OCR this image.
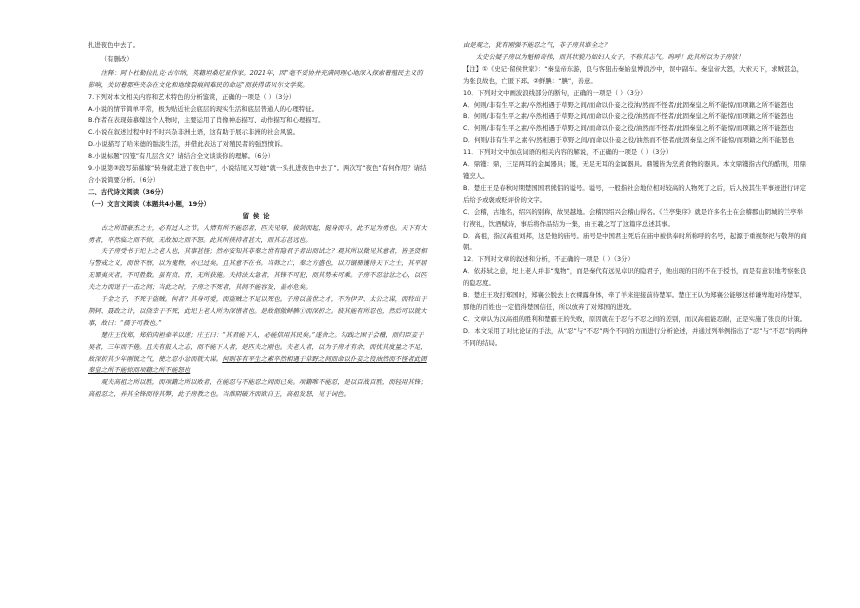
扎进夜色中去了。

（有删改）

注释：阿卜杜勒拉扎克·古尔纳，英籍坦桑尼亚作家。2021年，因“毫不妥协并充满同理心地深入探索着殖民主义的影响，关切着那些夹杂在文化和地缘裂痕间难民的命运”而获得诺贝尔文学奖。

7.下列对本文相关内容和艺术特色的分析鉴赏，正确的一项是（ ）（3分）

A.小说的情节简单平常，极为贴近社会底层的现实生活和底层普通人的心理特征。

B.作者在表现茹慕嫁这个人物时，主要运用了肖像神态描写、动作描写和心理描写。

C.小说在叙述过程中时不时兴杂非洲土语，这有助于展示非洲的社会风貌。

D.小说描写了哈米德的骷淡生活，并借此表达了对殖民者的强烈愤诉。

8.小说标题“囚笼”有几层含义？请结合全文谈谈你的理解。（6分）

9.小说第③段写茹慕嫁“转身就走进了夜色中”，小说结尾又写她“就一头扎进夜色中去了”。两次写“夜色”有何作用？请结合小说简要分析。（6分）

二、古代诗文阅读（36分）

（一）文言文阅读（本题共4小题，19分）

留侯论

古之所谓豪杰之士，必有过人之节。人情有所不能忍者，匹夫见辱，拔剑而起，挺身而斗，此不足为勇也。天下有大勇者，卒然临之而不惊，无故加之而不怒。此其所挟持者甚大，而其志甚远也。

夫子房受书于圯上之老人也，其事甚怪；然亦安知其非秦之世有隐君子者出而试之？观其所以微见其意者，皆圣贤相与警戒之义，而世不察，以为鬼物，亦已过矣。且其意不在书。当韩之亡，秦之方盛也，以刀锯鼎镬待天下之士，其平居无罪夷灭者，不可胜数。虽有贲、育，无所获施。夫持法太急者，其锋不可犯，而其势未可乘。子房不忍忿忿之心，以匹夫之力而逞于一击之间；当此之时，子房之不死者，其间不能容发，盖亦危矣。

千金之子，不死于盗贼。何者？其身可爱，而盗贼之不足以死也。子房以盖世之才，不为伊尹、太公之谋，而特出于荆轲、聂政之计，以侥幸于不死，此圯上老人所为深惜者也。是故倨傲鲜腆①而深折之。彼其能有所忍也，然后可以就大事，故曰：“孺子可教也。”

楚庄王伐郑，郑伯肉袒牵羊以逆；庄王曰：“其君能下人，必能信用其民矣。”遂舍之。勾践之困于会稽，而归臣妾于吴者，三年而不倦。且夫有报人之志，而不能下人者，是匹夫之刚也。夫老人者，以为子房才有余，而忧其度量之不足，故深折其少年刚锐之气，使之忍小忿而就大谋。何则非有平生之素卒然相遇于草野之间而命以仆妾之役油然而不怪者此固秦皇之所不能惊而项籍之所不能怒也

观夫高祖之所以胜，而项籍之所以败者，在能忍与不能忍之间而已矣。项籍唯不能忍，是以百战百胜，而轻用其锋；高祖忍之，养其全锋而待其弊，此子房教之也。当淮阴破齐而欲自王，高祖发怒，见于词色。

由是观之，犹有刚强不能忍之气，非子房其谁全之？

太史公疑子房以为魁梧奇伟，而其状貌乃如妇人女子，不称其志气。呜呼！此其所以为子房欤！

【注】①《史记·留侯世家》：“秦皇帝东游，良与客狙击秦始皇博浪沙中，误中副车。秦皇帝大怒，大索天下，求贼甚急，为张良故也，亡匿下邳。②鲜腆：“腆”，善意。

10．下列对文中画波浪线部分的断句，正确的一项是（ ）（3分）

A．何则/非有生平之素/卒然相遇于草野之间/而命以仆妾之役油/然而不怪者/此固秦皇之所不能惊/而项籍之所不能怒也

B．何则/非有生平之素/卒然相遇于草野之间/而命以仆妾之役/油然而不怪者/此固秦皇之所不能惊/而项籍之所不能怒也

C．何则/非有生平之素/卒然相遇于草野之间/而命以仆妾之役/油然而不怪者/此固秦皇之所不能惊/而项籍之所不能怒也

D．何则/非有生平之素卒/然相遇于草野之间/而命以仆妾之役/油然而不怪者/此固秦皇之所不能惊/而项籍之所不能怒也

11．下列对文中加点词语的相关内容的解说，不正确的一项是（ ）（3分）

A．鼎镬：鼎，三足两耳的金属器具；镬，无足无耳的金属器具。鼎镬皆为烹煮食物的器具。本文鼎镬指古代的酷刑，用鼎镬烹人。

B．楚庄王是春秋时期楚国国君熊侣的谥号。谥号，一般指社会地位相对较高的人物死了之后，后人按其生平事迹进行评定后给予或褒或贬评价的文字。

C．会稽，古地名，绍兴的别称，故吴越地。会稽因绍兴会稽山得名。《兰亭集序》就是许多名士在会稽郡山阴城的兰亭举行褉礼，饮酒赋诗，事后将作品结为一集，由王羲之写了这篇序总述其事。

D．高祖，指汉高祖刘邦，这是他的庙号。庙号是中国君主死后在庙中被供奉时所称呼的名号，起源于重视祭祀与敬拜的商朝。

12．下列对文章的叙述和分析，不正确的一项是（ ）（3分）

A．依苏轼之意，圯上老人并非“鬼物”，而是秦代有远见卓识的隐君子，他出现的目的不在于授书，而是有意识地考察张良的隐忍度。

B．楚庄王攻打郑国时，郑襄公脱去上衣裸露身体，牵了羊来迎接前待楚军。楚庄王认为郑襄公能够这样谦卑地对待楚军，那他的百姓也一定值得楚国信任，所以放弃了对郑国的进攻。

C．文章认为汉高祖的胜利和楚霸王的失败，原因就在于忍与不忍之间的差别，而汉高祖能忍耐，正是实施了张良的计策。

D．本文采用了对比论证的手法，从“忍”与“不忍”两个不同的方面进行分析论述，并通过列举例指出了“忍”与“不忍”的两种不同的结局。
